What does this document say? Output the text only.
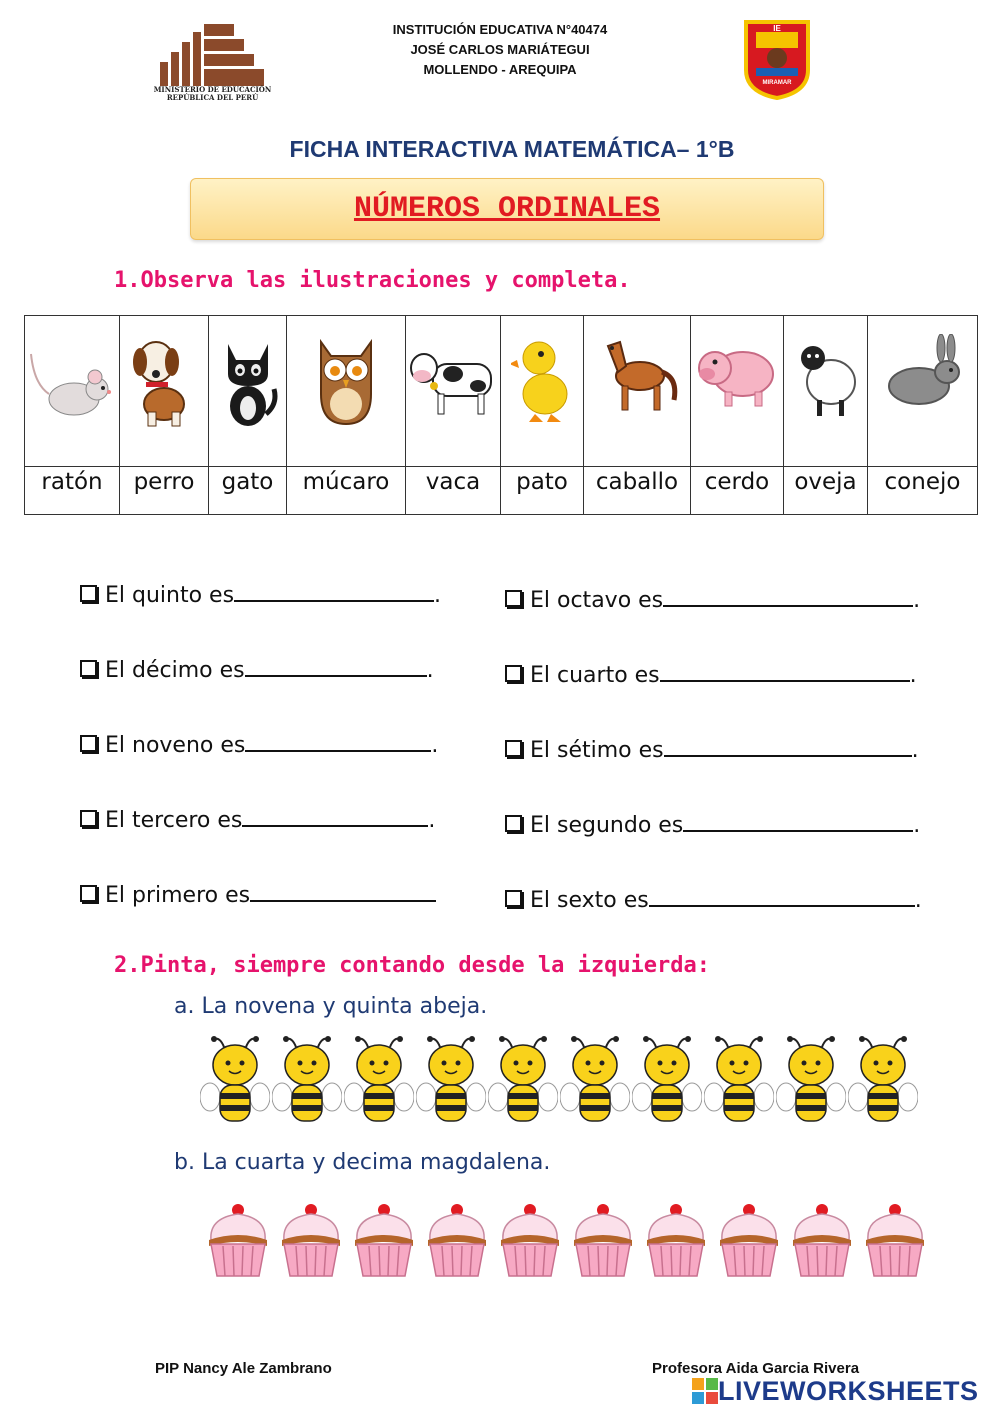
MINISTERIO DE EDUCACIÓN
REPÚBLICA DEL PERÚ
INSTITUCIÓN EDUCATIVA N°40474
JOSÉ CARLOS MARIÁTEGUI
MOLLENDO - AREQUIPA
IE
MIRAMAR
FICHA INTERACTIVA MATEMÁTICA– 1°B
NÚMEROS ORDINALES
1.Observa las ilustraciones y completa.
ratón	perro	gato	múcaro	vaca	pato	caballo	cerdo	oveja	conejo
El quinto es	.
El décimo es	.
El noveno es	.
El tercero es	.
El primero es
El octavo es	.
El cuarto es	.
El sétimo es	.
El segundo es	.
El sexto es	.
2.Pinta, siempre contando desde la izquierda:
a. La novena y quinta abeja.
b. La cuarta y decima magdalena.
PIP Nancy Ale Zambrano	Profesora Aida Garcia Rivera
LIVEWORKSHEETS
